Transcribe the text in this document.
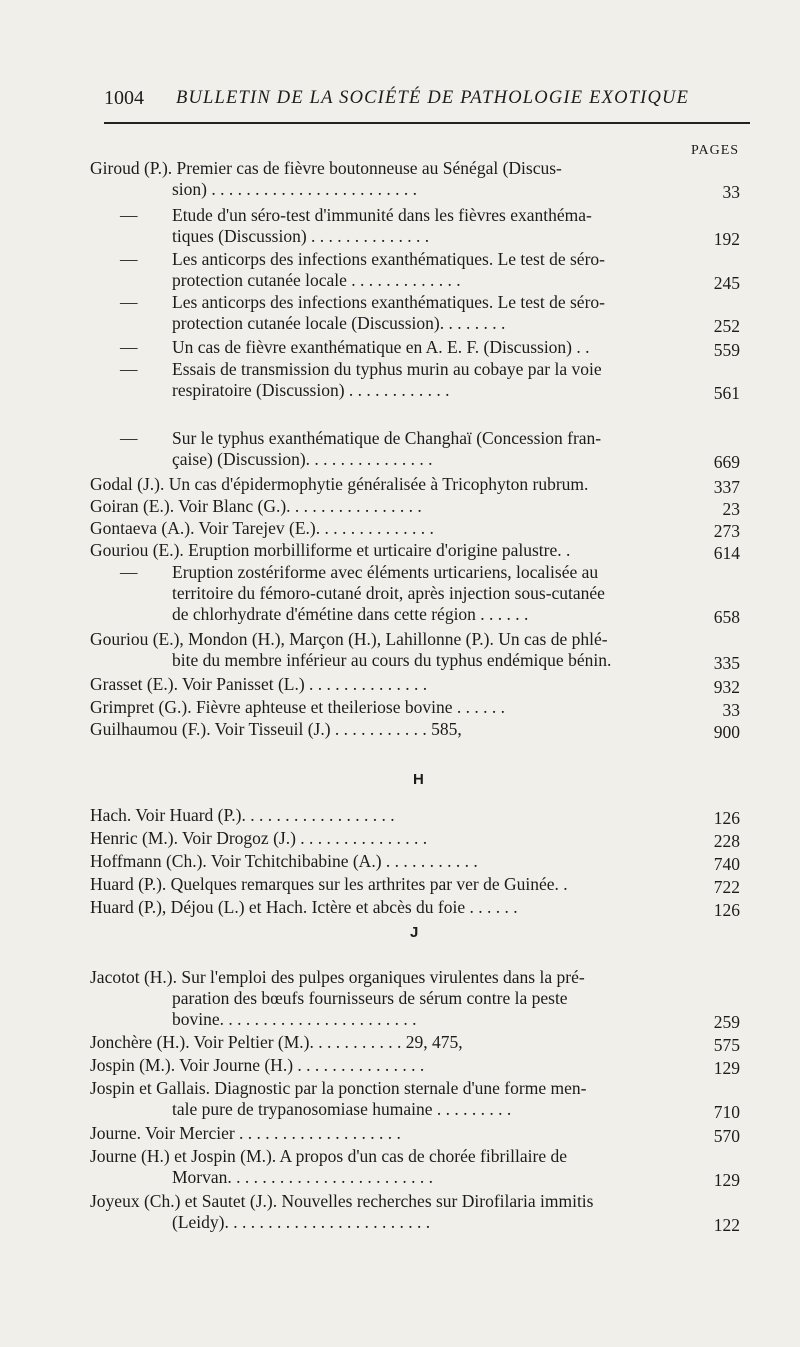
1004 BULLETIN DE LA SOCIÉTÉ DE PATHOLOGIE EXOTIQUE
PAGES
Giroud (P.). Premier cas de fièvre boutonneuse au Sénégal (Discus-
sion) . . . . . . . . . . . . . . . . . . . . . . . .	33
— Etude d'un séro-test d'immunité dans les fièvres exanthéma-
tiques (Discussion) . . . . . . . . . . . . . .	192
— Les anticorps des infections exanthématiques. Le test de séro-
protection cutanée locale . . . . . . . . . . . . .	245
— Les anticorps des infections exanthématiques. Le test de séro-
protection cutanée locale (Discussion). . . . . . . .	252
— Un cas de fièvre exanthématique en A. E. F. (Discussion) . .	559
— Essais de transmission du typhus murin au cobaye par la voie
respiratoire (Discussion) . . . . . . . . . . . .	561
— Sur le typhus exanthématique de Changhaï (Concession fran-
çaise) (Discussion). . . . . . . . . . . . . . .	669
Godal (J.). Un cas d'épidermophytie généralisée à Tricophyton rubrum.	337
Goiran (E.). Voir Blanc (G.). . . . . . . . . . . . . . . .	23
Gontaeva (A.). Voir Tarejev (E.). . . . . . . . . . . . . .	273
Gouriou (E.). Eruption morbilliforme et urticaire d'origine palustre. .	614
— Eruption zostériforme avec éléments urticariens, localisée au
territoire du fémoro-cutané droit, après injection sous-cutanée
de chlorhydrate d'émétine dans cette région . . . . . .	658
Gouriou (E.), Mondon (H.), Marçon (H.), Lahillonne (P.). Un cas de phlé-
bite du membre inférieur au cours du typhus endémique bénin.	335
Grasset (E.). Voir Panisset (L.) . . . . . . . . . . . . . .	932
Grimpret (G.). Fièvre aphteuse et theileriose bovine . . . . . .	33
Guilhaumou (F.). Voir Tisseuil (J.) . . . . . . . . . . . 585,	900
H
Hach. Voir Huard (P.). . . . . . . . . . . . . . . . . .	126
Henric (M.). Voir Drogoz (J.) . . . . . . . . . . . . . . .	228
Hoffmann (Ch.). Voir Tchitchibabine (A.) . . . . . . . . . . .	740
Huard (P.). Quelques remarques sur les arthrites par ver de Guinée. .	722
Huard (P.), Déjou (L.) et Hach. Ictère et abcès du foie . . . . . .	126
J
Jacotot (H.). Sur l'emploi des pulpes organiques virulentes dans la pré-
paration des bœufs fournisseurs de sérum contre la peste
bovine. . . . . . . . . . . . . . . . . . . . . . .	259
Jonchère (H.). Voir Peltier (M.). . . . . . . . . . . 29, 475,	575
Jospin (M.). Voir Journe (H.) . . . . . . . . . . . . . . .	129
Jospin et Gallais. Diagnostic par la ponction sternale d'une forme men-
tale pure de trypanosomiase humaine . . . . . . . . .	710
Journe. Voir Mercier . . . . . . . . . . . . . . . . . . .	570
Journe (H.) et Jospin (M.). A propos d'un cas de chorée fibrillaire de
Morvan. . . . . . . . . . . . . . . . . . . . . . . .	129
Joyeux (Ch.) et Sautet (J.). Nouvelles recherches sur Dirofilaria immitis
(Leidy). . . . . . . . . . . . . . . . . . . . . . . .	122
